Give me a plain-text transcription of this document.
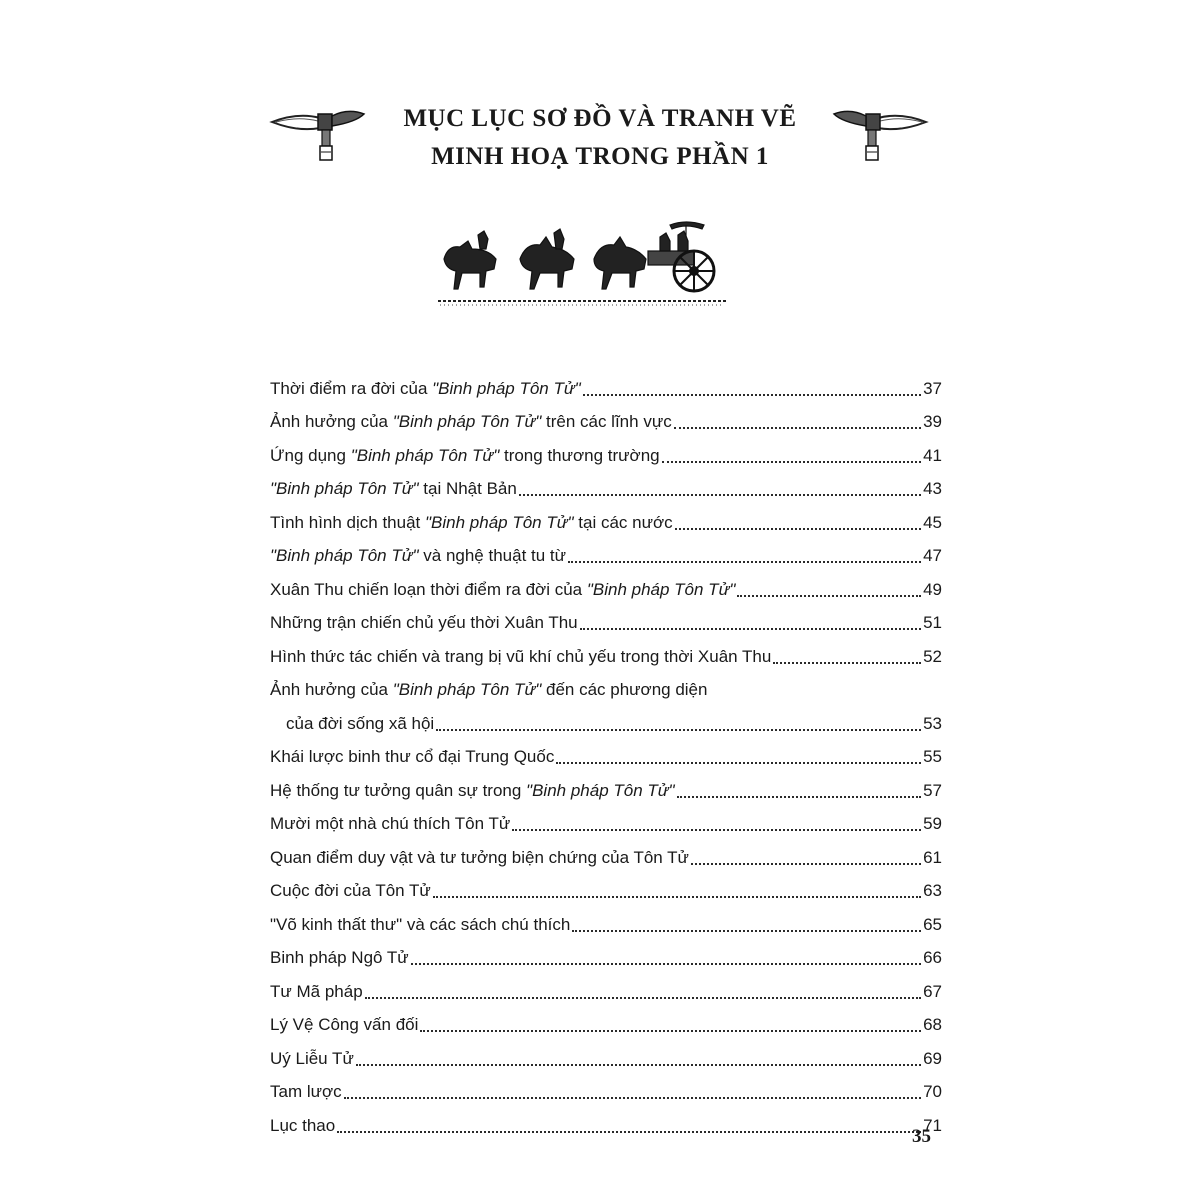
MỤC LỤC SƠ ĐỒ VÀ TRANH VẼ
MINH HOẠ TRONG PHẦN 1
Thời điểm ra đời của "Binh pháp Tôn Tử"	37
Ảnh hưởng của "Binh pháp Tôn Tử" trên các lĩnh vực	39
Ứng dụng "Binh pháp Tôn Tử" trong thương trường	41
"Binh pháp Tôn Tử" tại Nhật Bản	43
Tình hình dịch thuật "Binh pháp Tôn Tử" tại các nước	45
"Binh pháp Tôn Tử" và nghệ thuật tu từ	47
Xuân Thu chiến loạn thời điểm ra đời của "Binh pháp Tôn Tử"	49
Những trận chiến chủ yếu thời Xuân Thu	51
Hình thức tác chiến và trang bị vũ khí chủ yếu trong thời Xuân Thu	52
Ảnh hưởng của "Binh pháp Tôn Tử" đến các phương diện
của đời sống xã hội	53
Khái lược binh thư cổ đại Trung Quốc	55
Hệ thống tư tưởng quân sự trong "Binh pháp Tôn Tử"	57
Mười một nhà chú thích Tôn Tử	59
Quan điểm duy vật và tư tưởng biện chứng của Tôn Tử	61
Cuộc đời của Tôn Tử	63
"Võ kinh thất thư" và các sách chú thích	65
Binh pháp Ngô Tử	66
Tư Mã pháp	67
Lý Vệ Công vấn đối	68
Uý Liễu Tử	69
Tam lược	70
Lục thao	71
35
